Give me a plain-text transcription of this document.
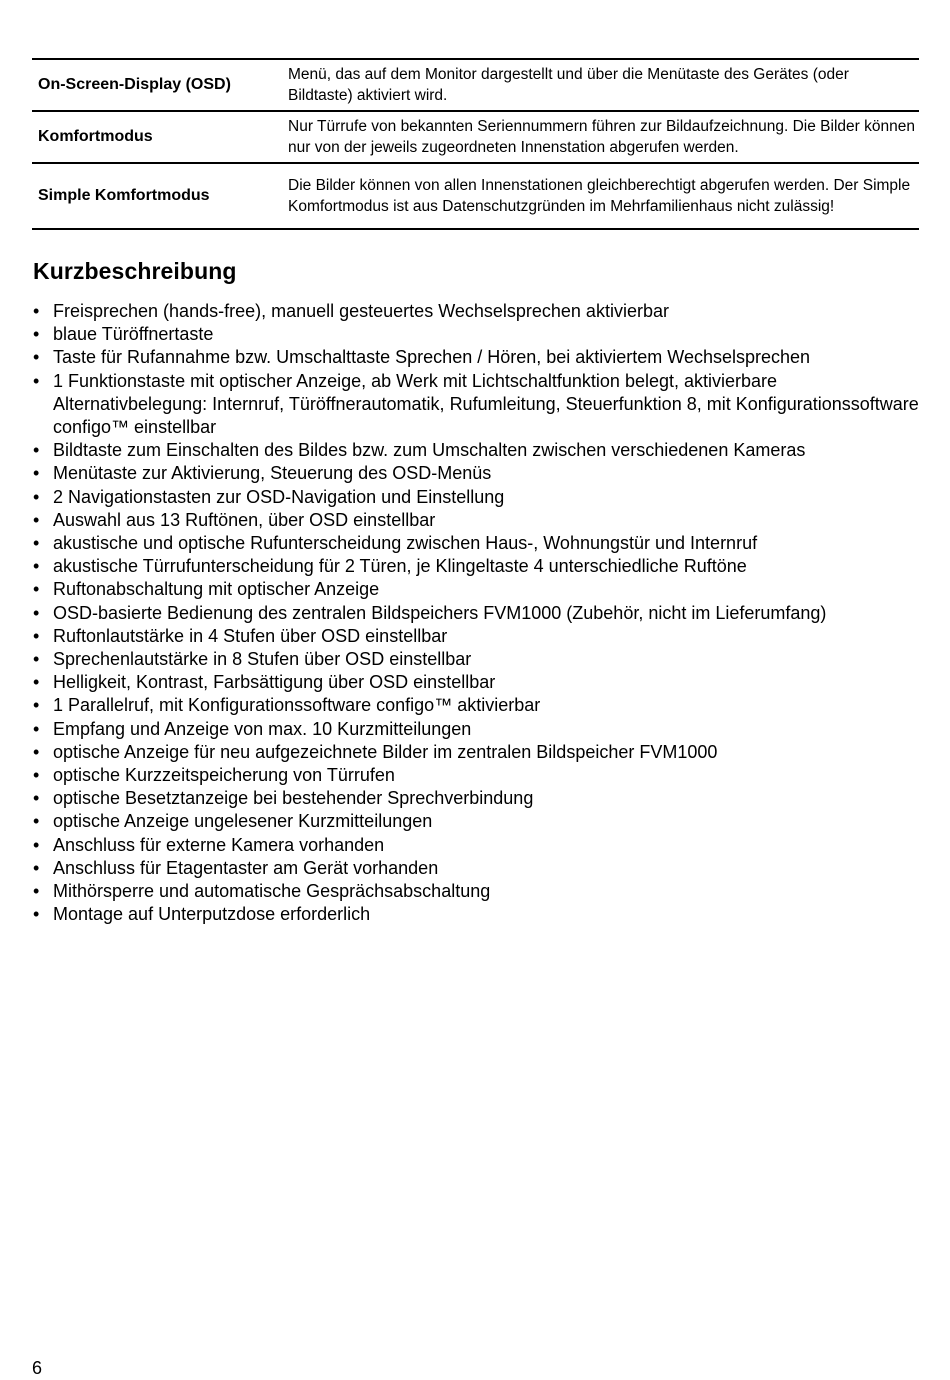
On-Screen-Display (OSD)	Menü, das auf dem Monitor dargestellt und über die Menütaste des Gerätes (oder Bildtaste) aktiviert wird.
Komfortmodus	Nur Türrufe von bekannten Seriennummern führen zur Bildaufzeichnung. Die Bilder können nur von der jeweils zugeordneten Innenstation abgerufen werden.
Simple Komfortmodus	Die Bilder können von allen Innenstationen gleichberechtigt abgerufen werden. Der Simple Komfortmodus ist aus Datenschutzgründen im Mehrfamilienhaus nicht zulässig!
Kurzbeschreibung
• Freisprechen (hands-free), manuell gesteuertes Wechselsprechen aktivierbar
• blaue Türöffnertaste
• Taste für Rufannahme bzw. Umschalttaste Sprechen / Hören, bei aktiviertem Wechselsprechen
• 1 Funktionstaste mit optischer Anzeige, ab Werk mit Lichtschaltfunktion belegt, aktivierbare Alternativbelegung: Internruf, Türöffnerautomatik, Rufumleitung, Steuerfunktion 8, mit Konfigurationssoftware configo™ einstellbar
• Bildtaste zum Einschalten des Bildes bzw. zum Umschalten zwischen verschiedenen Kameras
• Menütaste zur Aktivierung, Steuerung des OSD-Menüs
• 2 Navigationstasten zur OSD-Navigation und Einstellung
• Auswahl aus 13 Ruftönen, über OSD einstellbar
• akustische und optische Rufunterscheidung zwischen Haus-, Wohnungstür und Internruf
• akustische Türrufunterscheidung für 2 Türen, je Klingeltaste 4 unterschiedliche Ruftöne
• Ruftonabschaltung mit optischer Anzeige
• OSD-basierte Bedienung des zentralen Bildspeichers FVM1000 (Zubehör, nicht im Lieferumfang)
• Ruftonlautstärke in 4 Stufen über OSD einstellbar
• Sprechenlautstärke in 8 Stufen über OSD einstellbar
• Helligkeit, Kontrast, Farbsättigung über OSD einstellbar
• 1 Parallelruf, mit Konfigurationssoftware configo™ aktivierbar
• Empfang und Anzeige von max. 10 Kurzmitteilungen
• optische Anzeige für neu aufgezeichnete Bilder im zentralen Bildspeicher FVM1000
• optische Kurzzeitspeicherung von Türrufen
• optische Besetztanzeige bei bestehender Sprechverbindung
• optische Anzeige ungelesener Kurzmitteilungen
• Anschluss für externe Kamera vorhanden
• Anschluss für Etagentaster am Gerät vorhanden
• Mithörsperre und automatische Gesprächsabschaltung
• Montage auf Unterputzdose erforderlich
6
